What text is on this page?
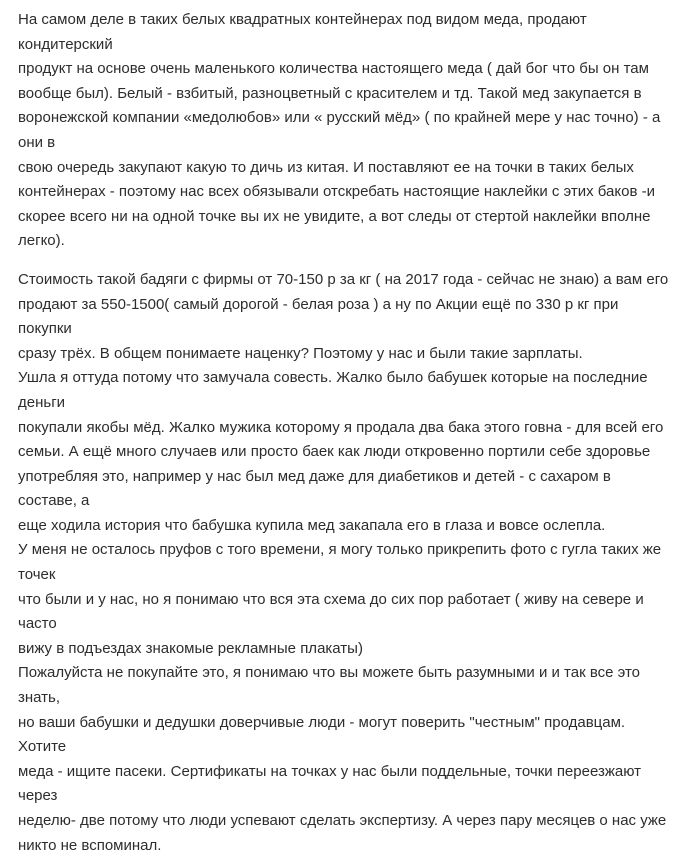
На самом деле в таких белых квадратных контейнерах под видом меда, продают кондитерский
продукт на основе очень маленького количества настоящего меда ( дай бог что бы он там
вообще был). Белый - взбитый, разноцветный с красителем и тд. Такой мед закупается в
воронежской компании «медолюбов» или « русский мёд» ( по крайней мере у нас точно) - а они в
свою очередь закупают какую то дичь из китая. И поставляют ее на точки в таких белых
контейнерах - поэтому нас всех обязывали отскребать настоящие наклейки с этих баков -и
скорее всего ни на одной точке вы их не увидите, а вот следы от стертой наклейки вполне легко).

Стоимость такой бадяги с фирмы от 70-150 р за кг ( на 2017 года - сейчас не знаю) а вам его
продают за 550-1500( самый дорогой - белая роза ) а ну по Акции ещё по 330 р кг при покупки
сразу трёх. В общем понимаете наценку? Поэтому у нас и были такие зарплаты.
Ушла я оттуда потому что замучала совесть. Жалко было бабушек которые на последние деньги
покупали якобы мёд. Жалко мужика которому я продала два бака этого говна - для всей его
семьи. А ещё много случаев или просто баек как люди откровенно портили себе здоровье
употребляя это, например у нас был мед даже для диабетиков и детей - с сахаром в составе, а
еще ходила история что бабушка купила мед закапала его в глаза и вовсе ослепла.
У меня не осталось пруфов с того времени, я могу только прикрепить фото с гугла таких же точек
что были и у нас, но я понимаю что вся эта схема до сих пор работает ( живу на севере и часто
вижу в подъездах знакомые рекламные плакаты)
Пожалуйста не покупайте это, я понимаю что вы можете быть разумными и и так все это знать,
но ваши бабушки и дедушки доверчивые люди - могут поверить "честным" продавцам. Хотите
меда - ищите пасеки. Сертификаты на точках у нас были поддельные, точки переезжают через
неделю- две потому что люди успевают сделать экспертизу. А через пару месяцев о нас уже
никто не вспоминал.
